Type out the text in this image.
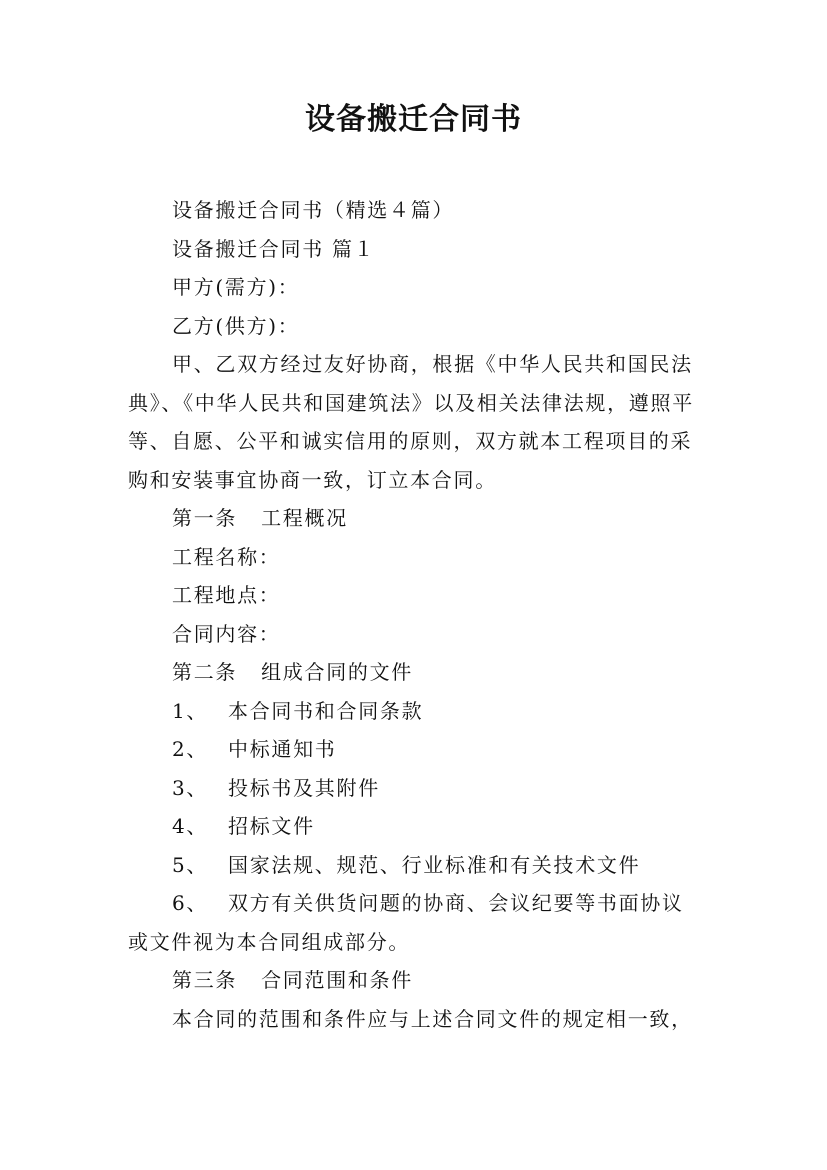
设备搬迁合同书
设备搬迁合同书（精选４篇）
设备搬迁合同书 篇１
甲方(需方)：
乙方(供方)：
甲、乙双方经过友好协商，根据《中华人民共和国民法
典》、《中华人民共和国建筑法》以及相关法律法规，遵照平
等、自愿、公平和诚实信用的原则，双方就本工程项目的采
购和安装事宜协商一致，订立本合同。
第一条 工程概况
工程名称：
工程地点：
合同内容：
第二条 组成合同的文件
1、 本合同书和合同条款
2、 中标通知书
3、 投标书及其附件
4、 招标文件
5、 国家法规、规范、行业标准和有关技术文件
6、 双方有关供货问题的协商、会议纪要等书面协议
或文件视为本合同组成部分。
第三条 合同范围和条件
本合同的范围和条件应与上述合同文件的规定相一致，
